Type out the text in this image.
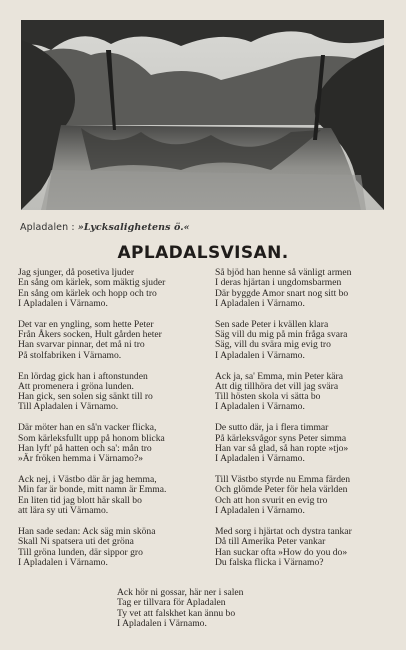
Apladalen : »Lycksalighetens ö.«
APLADALSVISAN.
Jag sjunger, då posetiva ljuder
En sång om kärlek, som mäktig sjuder
En sång om kärlek och hopp och tro
I Apladalen i Värnamo.
Det var en yngling, som hette Peter
Från Åkers socken, Hult gården heter
Han svarvar pinnar, det må ni tro
På stolfabriken i Värnamo.
En lördag gick han i aftonstunden
Att promenera i gröna lunden.
Han gick, sen solen sig sänkt till ro
Till Apladalen i Värnamo.
Där möter han en så'n vacker flicka,
Som kärleksfullt upp på honom blicka
Han lyft' på hatten och sa': mån tro
»Är fröken hemma i Värnamo?»
Ack nej, i Västbo där är jag hemma,
Min far är bonde, mitt namn är Emma.
En liten tid jag blott här skall bo
att lära sy uti Värnamo.
Han sade sedan: Ack säg min sköna
Skall Ni spatsera uti det gröna
Till gröna lunden, där sippor gro
I Apladalen i Värnamo.
Så bjöd han henne så vänligt armen
I deras hjärtan i ungdomsbarmen
Där byggde Amor snart nog sitt bo
I Apladalen i Värnamo.
Sen sade Peter i kvällen klara
Säg vill du mig på min fråga svara
Säg, vill du svära mig evig tro
I Apladalen i Värnamo.
Ack ja, sa' Emma, min Peter kära
Att dig tillhöra det vill jag svära
Till hösten skola vi sätta bo
I Apladalen i Värnamo.
De sutto där, ja i flera timmar
På kärleksvågor syns Peter simma
Han var så glad, så han ropte »tjo»
I Apladalen i Värnamo.
Till Västbo styrde nu Emma färden
Och glömde Peter för hela världen
Och att hon svurit en evig tro
I Apladalen i Värnamo.
Med sorg i hjärtat och dystra tankar
Då till Amerika Peter vankar
Han suckar ofta »How do you do»
Du falska flicka i Värnamo?
Ack hör ni gossar, här ner i salen
Tag er tillvara för Apladalen
Ty vet att falskhet kan ännu bo
I Apladalen i Värnamo.
